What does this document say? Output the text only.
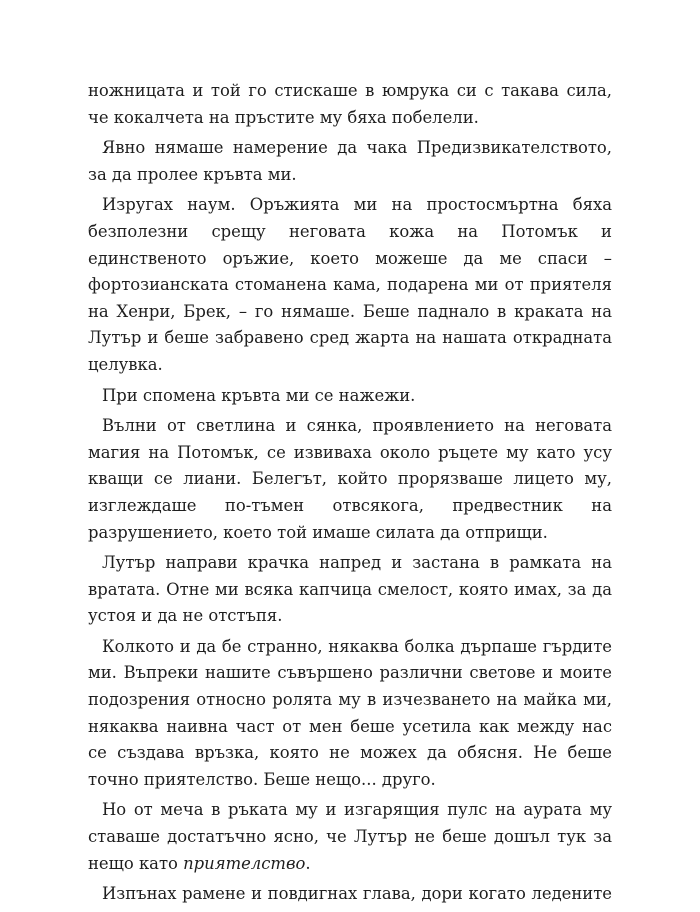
ножницата и той го стискаше в юмрука си с такава сила, че кокалчета на пръстите му бяха побелели.

Явно нямаше намерение да чака Предизвикателството, за да пролее кръвта ми.

Изругах наум. Оръжията ми на простосмъртна бяха безполезни срещу неговата кожа на Потомък и единственото оръжие, което можеше да ме спаси – фортозианската стоманена кама, подарена ми от приятеля на Хенри, Брек, – го нямаше. Беше паднало в краката на Лутър и беше забравено сред жарта на нашата откраднатa целувка.

При спомена кръвта ми се нажежи.

Вълни от светлина и сянка, проявлението на неговата магия на Потомък, се извиваха около ръцете му като усу кващи се лиани. Белегът, който прорязваше лицето му, изглеждаше по-тъмен отвсякога, предвестник на разрушението, което той имаше силата да отприщи.

Лутър направи крачка напред и застана в рамката на вратата. Отне ми всяка капчица смелост, която имах, за да устоя и да не отстъпя.

Колкото и да бе странно, някаква болка дърпаше гърдите ми. Въпреки нашите съвършено различни светове и моите подозрения относно ролята му в изчезването на майка ми, някаква наивна част от мен беше усетила как между нас се създава връзка, която не можех да обясня. Не беше точно приятелство. Беше нещо... друго.

Но от меча в ръката му и изгарящия пулс на аурата му ставаше достатъчно ясно, че Лутър не беше дошъл тук за нещо като приятелство.

Изпънах рамене и повдигнах глава, дори когато ледените
